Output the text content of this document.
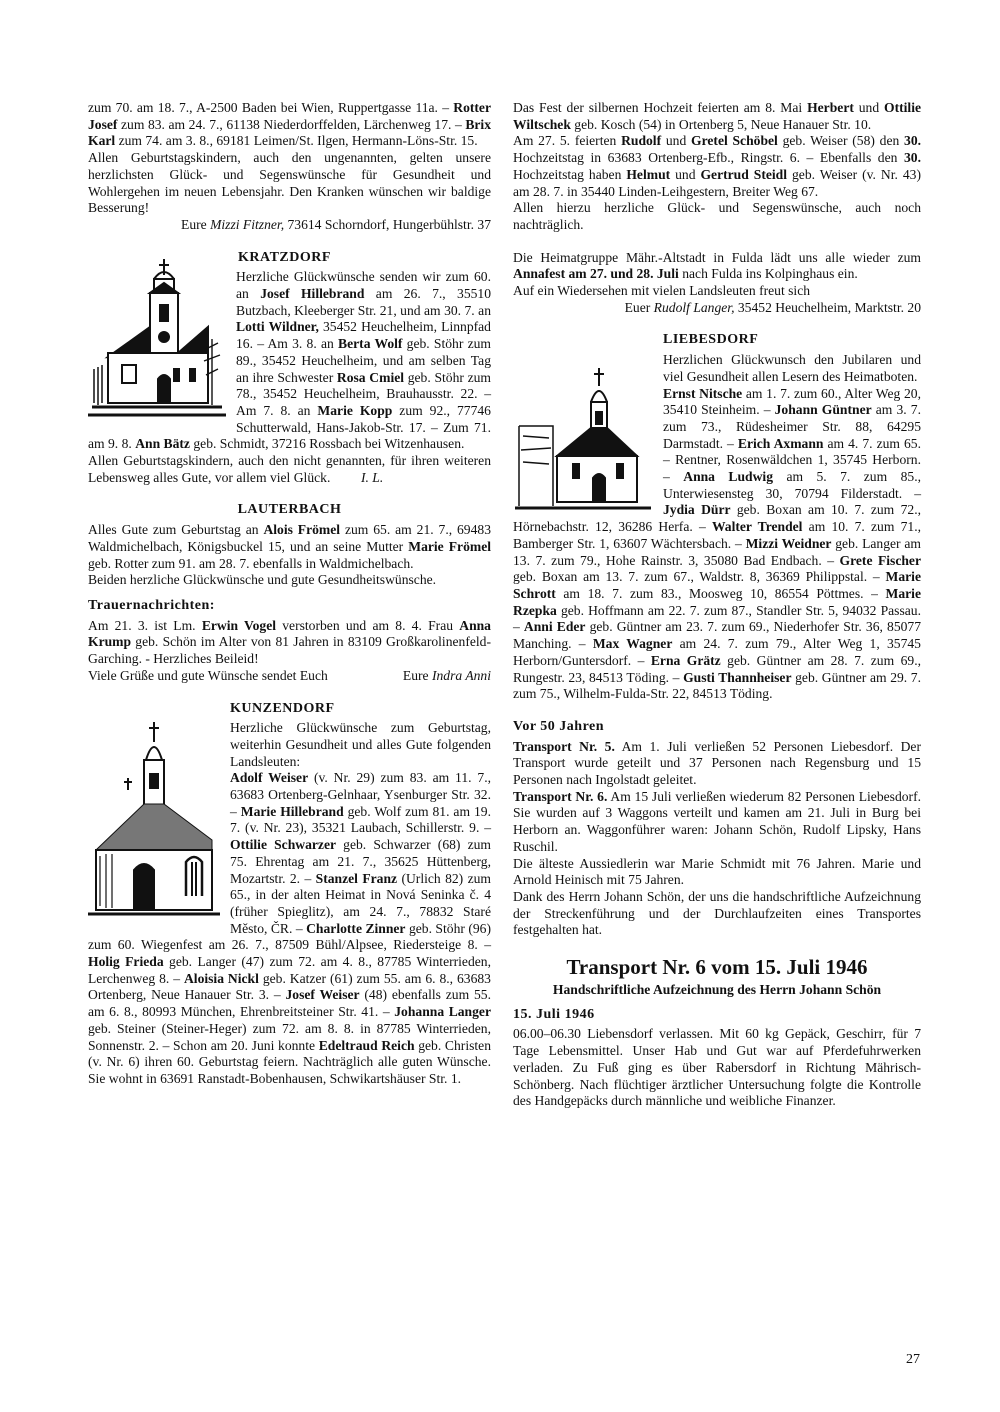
zum 70. am 18. 7., A-2500 Baden bei Wien, Ruppertgasse 11a. – Rotter Josef zum 83. am 24. 7., 61138 Niederdorffelden, Lärchenweg 17. – Brix Karl zum 74. am 3. 8., 69181 Leimen/St. Ilgen, Hermann-Löns-Str. 15.

Allen Geburtstagskindern, auch den ungenannten, gelten unsere herzlichsten Glück- und Segenswünsche für Gesundheit und Wohlergehen im neuen Lebensjahr. Den Kranken wünschen wir baldige Besserung!

Eure Mizzi Fitzner, 73614 Schorndorf, Hungerbühlstr. 37

KRATZDORF

Herzliche Glückwünsche senden wir zum 60. an Josef Hillebrand am 26. 7., 35510 Butzbach, Kleeberger Str. 21, und am 30. 7. an Lotti Wildner, 35452 Heuchelheim, Linnpfad 16. – Am 3. 8. an Berta Wolf geb. Stöhr zum 89., 35452 Heuchelheim, und am selben Tag an ihre Schwester Rosa Cmiel geb. Stöhr zum 78., 35452 Heuchelheim, Brauhausstr. 22. – Am 7. 8. an Marie Kopp zum 92., 77746 Schutterwald, Hans-Jakob-Str. 17. – Zum 71. am 9. 8. Ann Bätz geb. Schmidt, 37216 Rossbach bei Witzenhausen.

Allen Geburtstagskindern, auch den nicht genannten, für ihren weiteren Lebensweg alles Gute, vor allem viel Glück. I. L.

LAUTERBACH

Alles Gute zum Geburtstag an Alois Frömel zum 65. am 21. 7., 69483 Waldmichelbach, Königsbuckel 15, und an seine Mutter Marie Frömel geb. Rotter zum 91. am 28. 7. ebenfalls in Waldmichelbach.

Beiden herzliche Glückwünsche und gute Gesundheitswünsche.

Trauernachrichten:

Am 21. 3. ist Lm. Erwin Vogel verstorben und am 8. 4. Frau Anna Krump geb. Schön im Alter von 81 Jahren in 83109 Großkarolinenfeld-Garching. - Herzliches Beileid!

Viele Grüße und gute Wünsche sendet Euch	Eure Indra Anni
KUNZENDORF

Herzliche Glückwünsche zum Geburtstag, weiterhin Gesundheit und alles Gute folgenden Landsleuten:
Adolf Weiser (v. Nr. 29) zum 83. am 11. 7., 63683 Ortenberg-Gelnhaar, Ysenburger Str. 32. – Marie Hillebrand geb. Wolf zum 81. am 19. 7. (v. Nr. 23), 35321 Laubach, Schillerstr. 9. – Ottilie Schwarzer geb. Schwarzer (68) zum 75. Ehrentag am 21. 7., 35625 Hüttenberg, Mozartstr. 2. – Stanzel Franz (Urlich 82) zum 65., in der alten Heimat in Nová Seninka č. 4 (früher Spieglitz), am 24. 7., 78832 Staré Město, ČR. – Charlotte Zinner geb. Stöhr (96) zum 60. Wiegenfest am 26. 7., 87509 Bühl/Alpsee, Riedersteige 8. – Holig Frieda geb. Langer (47) zum 72. am 4. 8., 87785 Winterrieden, Lerchenweg 8. – Aloisia Nickl geb. Katzer (61) zum 55. am 6. 8., 63683 Ortenberg, Neue Hanauer Str. 3. – Josef Weiser (48) ebenfalls zum 55. am 6. 8., 80993 München, Ehrenbreitsteiner Str. 41. – Johanna Langer geb. Steiner (Steiner-Heger) zum 72. am 8. 8. in 87785 Winterrieden, Sonnenstr. 2. – Schon am 20. Juni konnte Edeltraud Reich geb. Christen (v. Nr. 6) ihren 60. Geburtstag feiern. Nachträglich alle guten Wünsche. Sie wohnt in 63691 Ranstadt-Bobenhausen, Schwikartshäuser Str. 1.

Das Fest der silbernen Hochzeit feierten am 8. Mai Herbert und Ottilie Wiltschek geb. Kosch (54) in Ortenberg 5, Neue Hanauer Str. 10.

Am 27. 5. feierten Rudolf und Gretel Schöbel geb. Weiser (58) den 30. Hochzeitstag in 63683 Ortenberg-Efb., Ringstr. 6. – Ebenfalls den 30. Hochzeitstag haben Helmut und Gertrud Steidl geb. Weiser (v. Nr. 43) am 28. 7. in 35440 Linden-Leihgestern, Breiter Weg 67.

Allen hierzu herzliche Glück- und Segenswünsche, auch noch nachträglich.

Die Heimatgruppe Mähr.-Altstadt in Fulda lädt uns alle wieder zum Annafest am 27. und 28. Juli nach Fulda ins Kolpinghaus ein.

Auf ein Wiedersehen mit vielen Landsleuten freut sich

Euer Rudolf Langer, 35452 Heuchelheim, Marktstr. 20

LIEBESDORF

Herzlichen Glückwunsch den Jubilaren und viel Gesundheit allen Lesern des Heimatboten.
Ernst Nitsche am 1. 7. zum 60., Alter Weg 20, 35410 Steinheim. – Johann Güntner am 3. 7. zum 73., Rüdesheimer Str. 88, 64295 Darmstadt. – Erich Axmann am 4. 7. zum 65. – Rentner, Rosenwäldchen 1, 35745 Herborn. – Anna Ludwig am 5. 7. zum 85., Unterwiesensteg 30, 70794 Filderstadt. – Jydia Dürr geb. Boxan am 10. 7. zum 72., Hörnebachstr. 12, 36286 Herfa. – Walter Trendel am 10. 7. zum 71., Bamberger Str. 1, 63607 Wächtersbach. – Mizzi Weidner geb. Langer am 13. 7. zum 79., Hohe Rainstr. 3, 35080 Bad Endbach. – Grete Fischer geb. Boxan am 13. 7. zum 67., Waldstr. 8, 36369 Philippstal. – Marie Schrott am 18. 7. zum 83., Moosweg 10, 86554 Pöttmes. – Marie Rzepka geb. Hoffmann am 22. 7. zum 87., Standler Str. 5, 94032 Passau. – Anni Eder geb. Güntner am 23. 7. zum 69., Niederhofer Str. 36, 85077 Manching. – Max Wagner am 24. 7. zum 79., Alter Weg 1, 35745 Herborn/Guntersdorf. – Erna Grätz geb. Güntner am 28. 7. zum 69., Rungestr. 23, 84513 Töding. – Gusti Thannheiser geb. Güntner am 29. 7. zum 75., Wilhelm-Fulda-Str. 22, 84513 Töding.

Vor 50 Jahren

Transport Nr. 5. Am 1. Juli verließen 52 Personen Liebesdorf. Der Transport wurde geteilt und 37 Personen nach Regensburg und 15 Personen nach Ingolstadt geleitet.

Transport Nr. 6. Am 15 Juli verließen wiederum 82 Personen Liebesdorf. Sie wurden auf 3 Waggons verteilt und kamen am 21. Juli in Burg bei Herborn an. Waggonführer waren: Johann Schön, Rudolf Lipsky, Hans Ruschil.

Die älteste Aussiedlerin war Marie Schmidt mit 76 Jahren. Marie und Arnold Heinisch mit 75 Jahren.

Dank des Herrn Johann Schön, der uns die handschriftliche Aufzeichnung der Streckenführung und der Durchlaufzeiten eines Transportes festgehalten hat.

Transport Nr. 6 vom 15. Juli 1946
Handschriftliche Aufzeichnung des Herrn Johann Schön
15. Juli 1946

06.00–06.30 Liebensdorf verlassen. Mit 60 kg Gepäck, Geschirr, für 7 Tage Lebensmittel. Unser Hab und Gut war auf Pferdefuhrwerken verladen. Zu Fuß ging es über Rabersdorf in Richtung Mährisch-Schönberg. Nach flüchtiger ärztlicher Untersuchung folgte die Kontrolle des Handgepäcks durch männliche und weibliche Finanzer.

27
